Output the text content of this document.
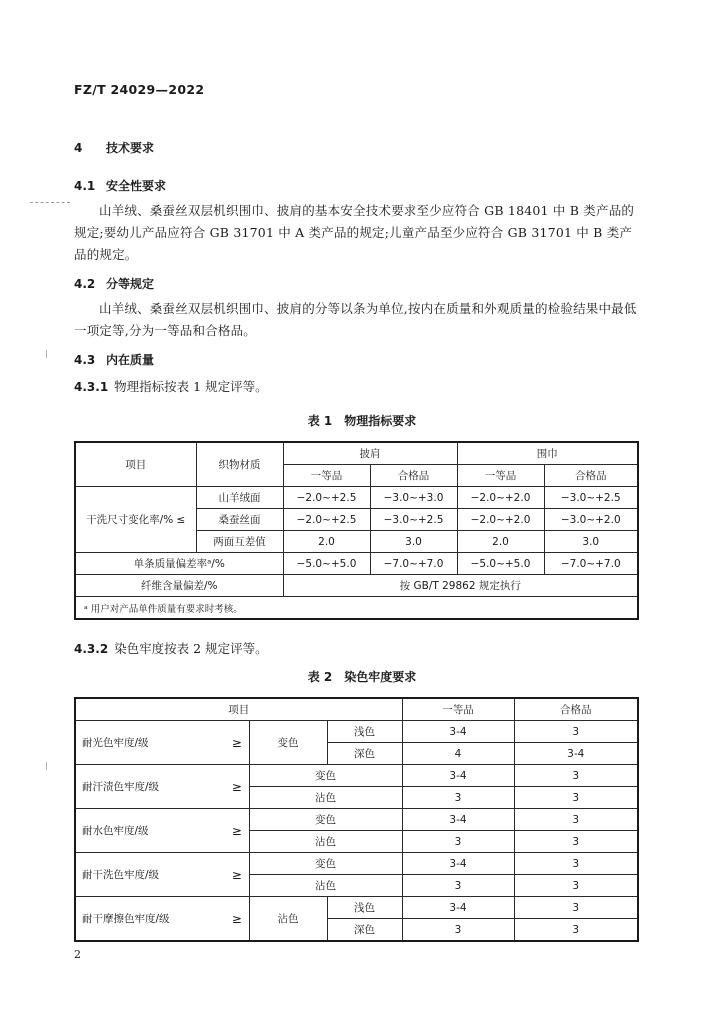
FZ/T 24029—2022
4 技术要求
4.1 安全性要求
山羊绒、桑蚕丝双层机织围巾、披肩的基本安全技术要求至少应符合 GB 18401 中 B 类产品的规定;要幼儿产品应符合 GB 31701 中 A 类产品的规定;儿童产品至少应符合 GB 31701 中 B 类产品的规定。
4.2 分等规定
山羊绒、桑蚕丝双层机织围巾、披肩的分等以条为单位,按内在质量和外观质量的检验结果中最低一项定等,分为一等品和合格品。
4.3 内在质量
4.3.1 物理指标按表 1 规定评等。
表 1 物理指标要求
项目	织物材质	披肩		围巾	
		一等品	合格品	一等品	合格品
干洗尺寸变化率/% ≤	山羊绒面	−2.0~+2.5	−3.0~+3.0	−2.0~+2.0	−3.0~+2.5
	桑蚕丝面	−2.0~+2.5	−3.0~+2.5	−2.0~+2.0	−3.0~+2.0
	两面互差值	2.0	3.0	2.0	3.0
单条质量偏差率ᵃ/%		−5.0~+5.0	−7.0~+7.0	−5.0~+5.0	−7.0~+7.0
纤维含量偏差/%		按 GB/T 29862 规定执行			
ᵃ 用户对产品单件质量有要求时考核。					
4.3.2 染色牢度按表 2 规定评等。
表 2 染色牢度要求
项目				一等品	合格品
耐光色牢度/级	≥	变色	浅色	3-4	3
			深色	4	3-4
耐汗渍色牢度/级	≥	变色		3-4	3
		沾色		3	3
耐水色牢度/级	≥	变色		3-4	3
		沾色		3	3
耐干洗色牢度/级	≥	变色		3-4	3
		沾色		3	3
耐干摩擦色牢度/级	≥	沾色	浅色	3-4	3
			深色	3	3
2
